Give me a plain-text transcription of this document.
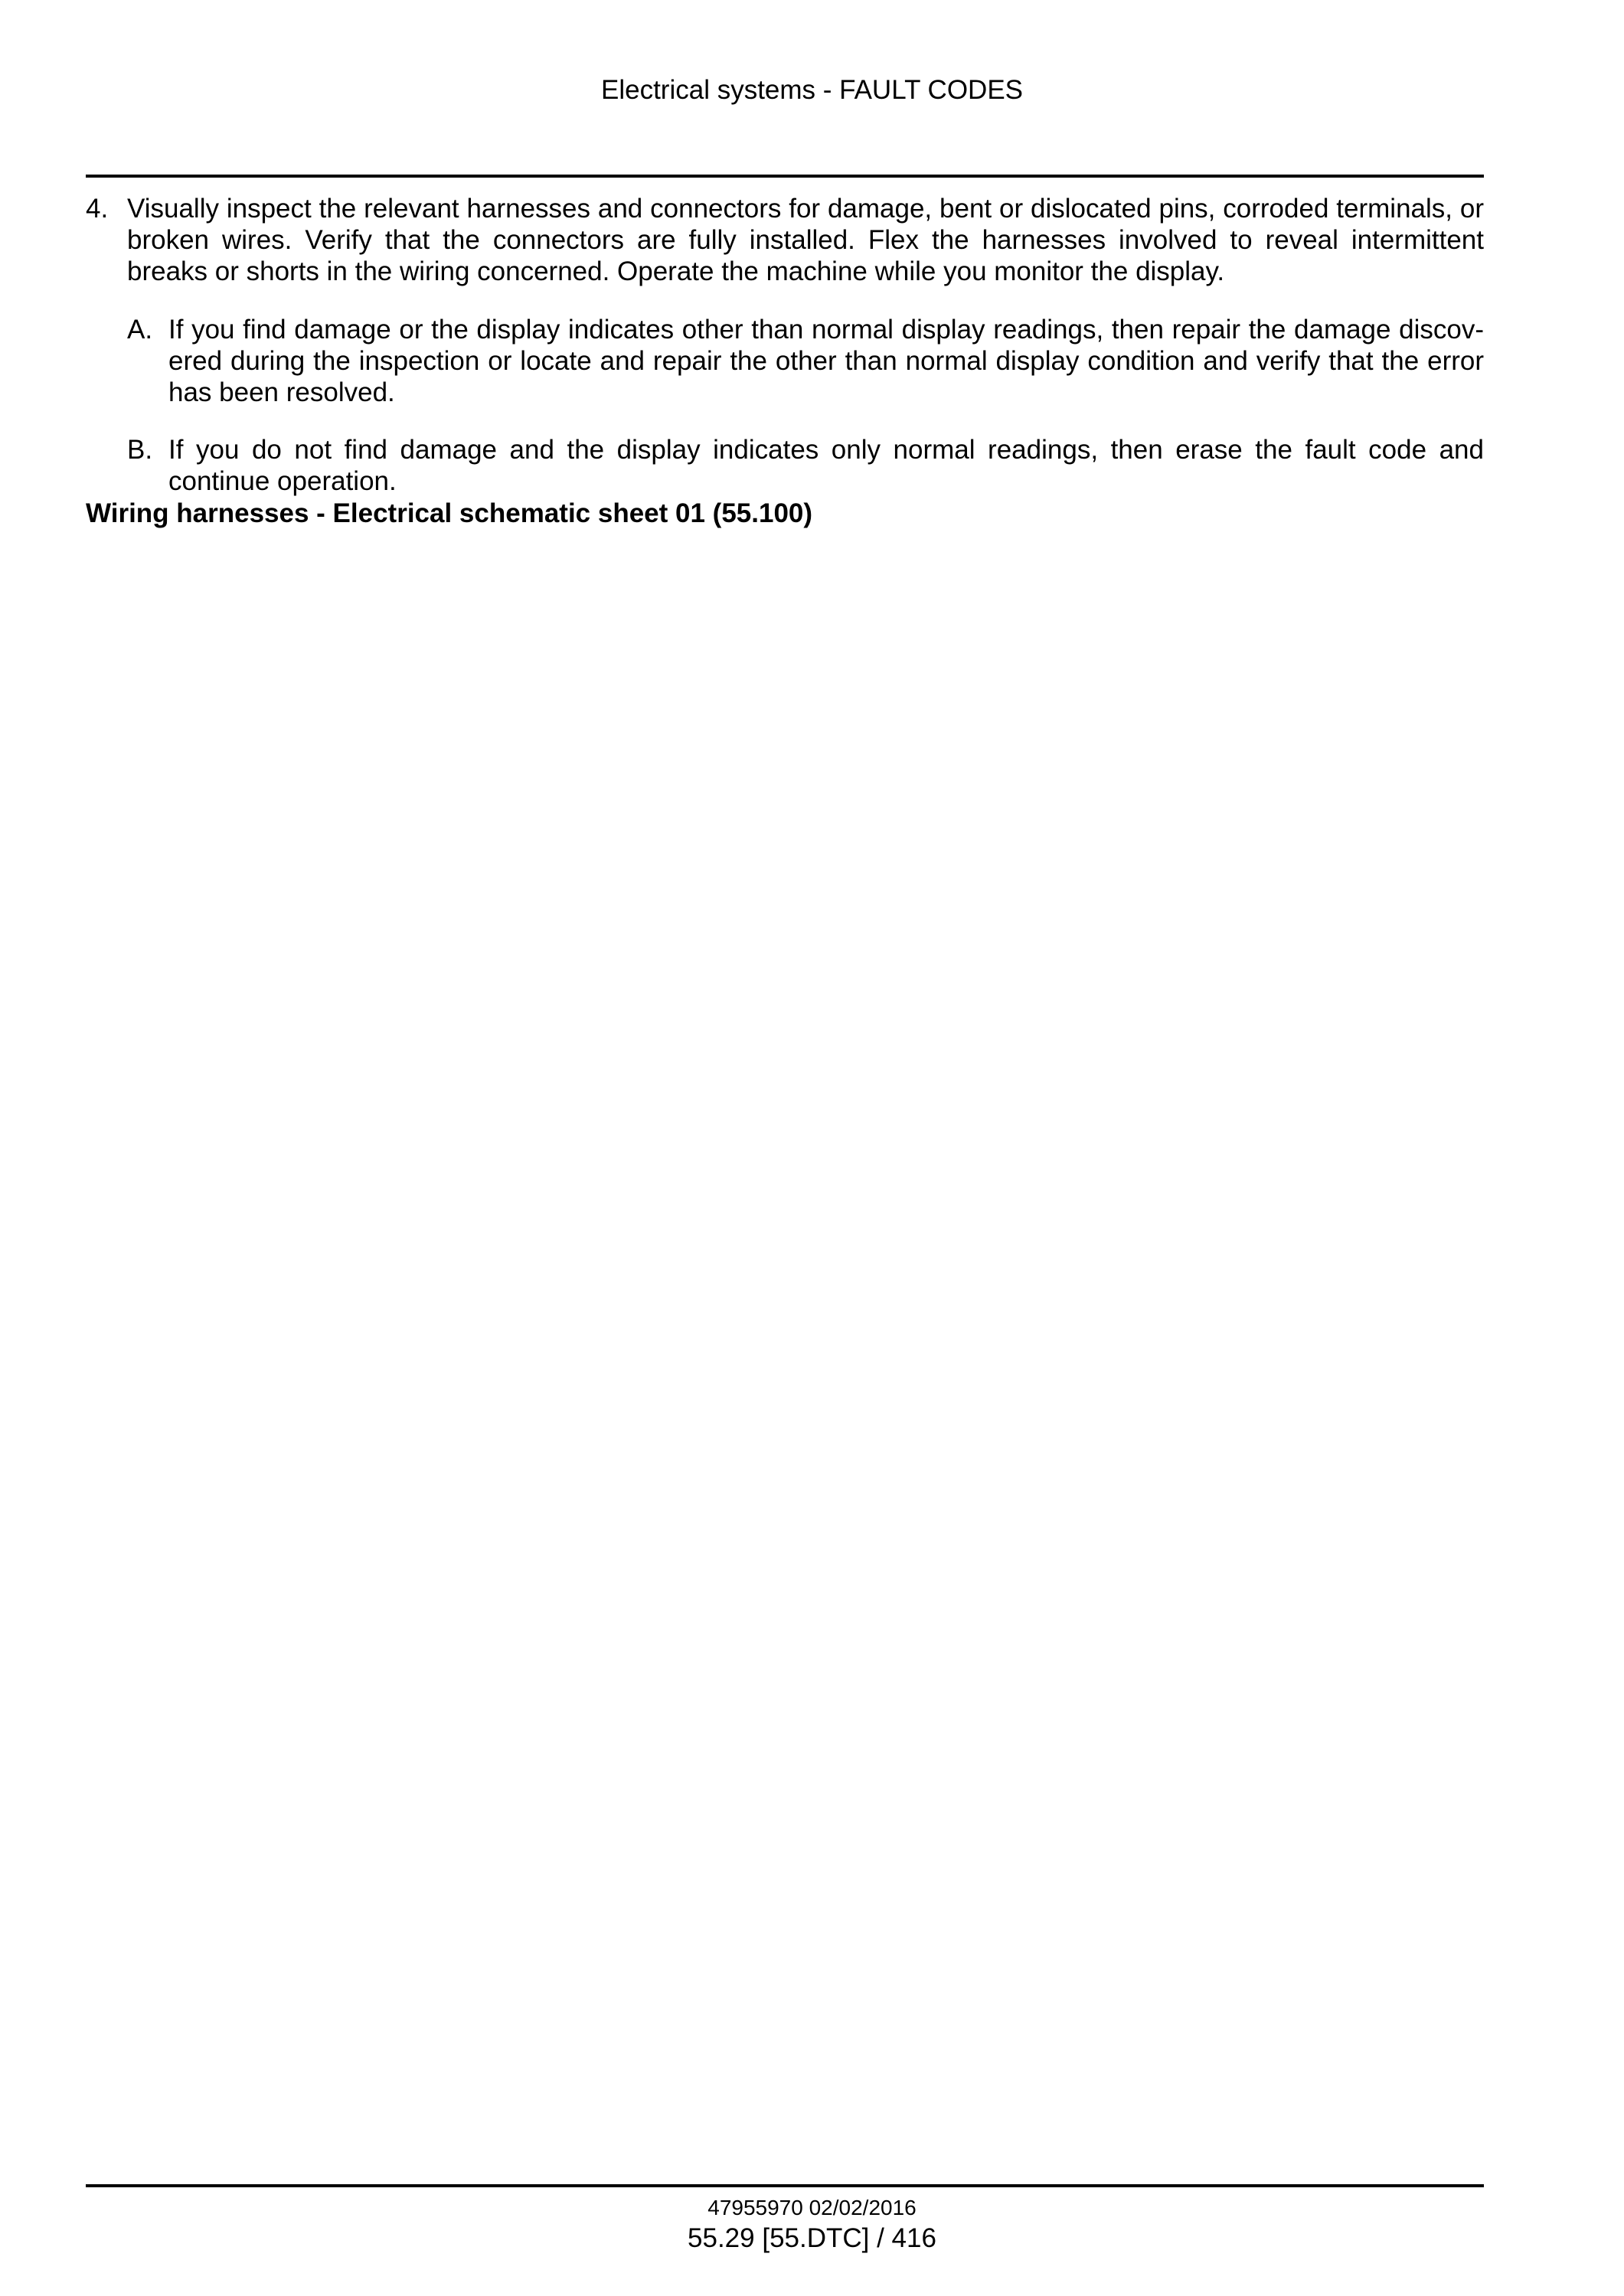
Electrical systems - FAULT CODES
4. Visually inspect the relevant harnesses and connectors for damage, bent or dislocated pins, corroded terminals, or broken wires. Verify that the connectors are fully installed. Flex the harnesses involved to reveal intermittent breaks or shorts in the wiring concerned. Operate the machine while you monitor the display.
A. If you find damage or the display indicates other than normal display readings, then repair the damage discov-ered during the inspection or locate and repair the other than normal display condition and verify that the error has been resolved.
B. If you do not find damage and the display indicates only normal readings, then erase the fault code and continue operation.
Wiring harnesses - Electrical schematic sheet 01 (55.100)
47955970 02/02/2016
55.29 [55.DTC] / 416
